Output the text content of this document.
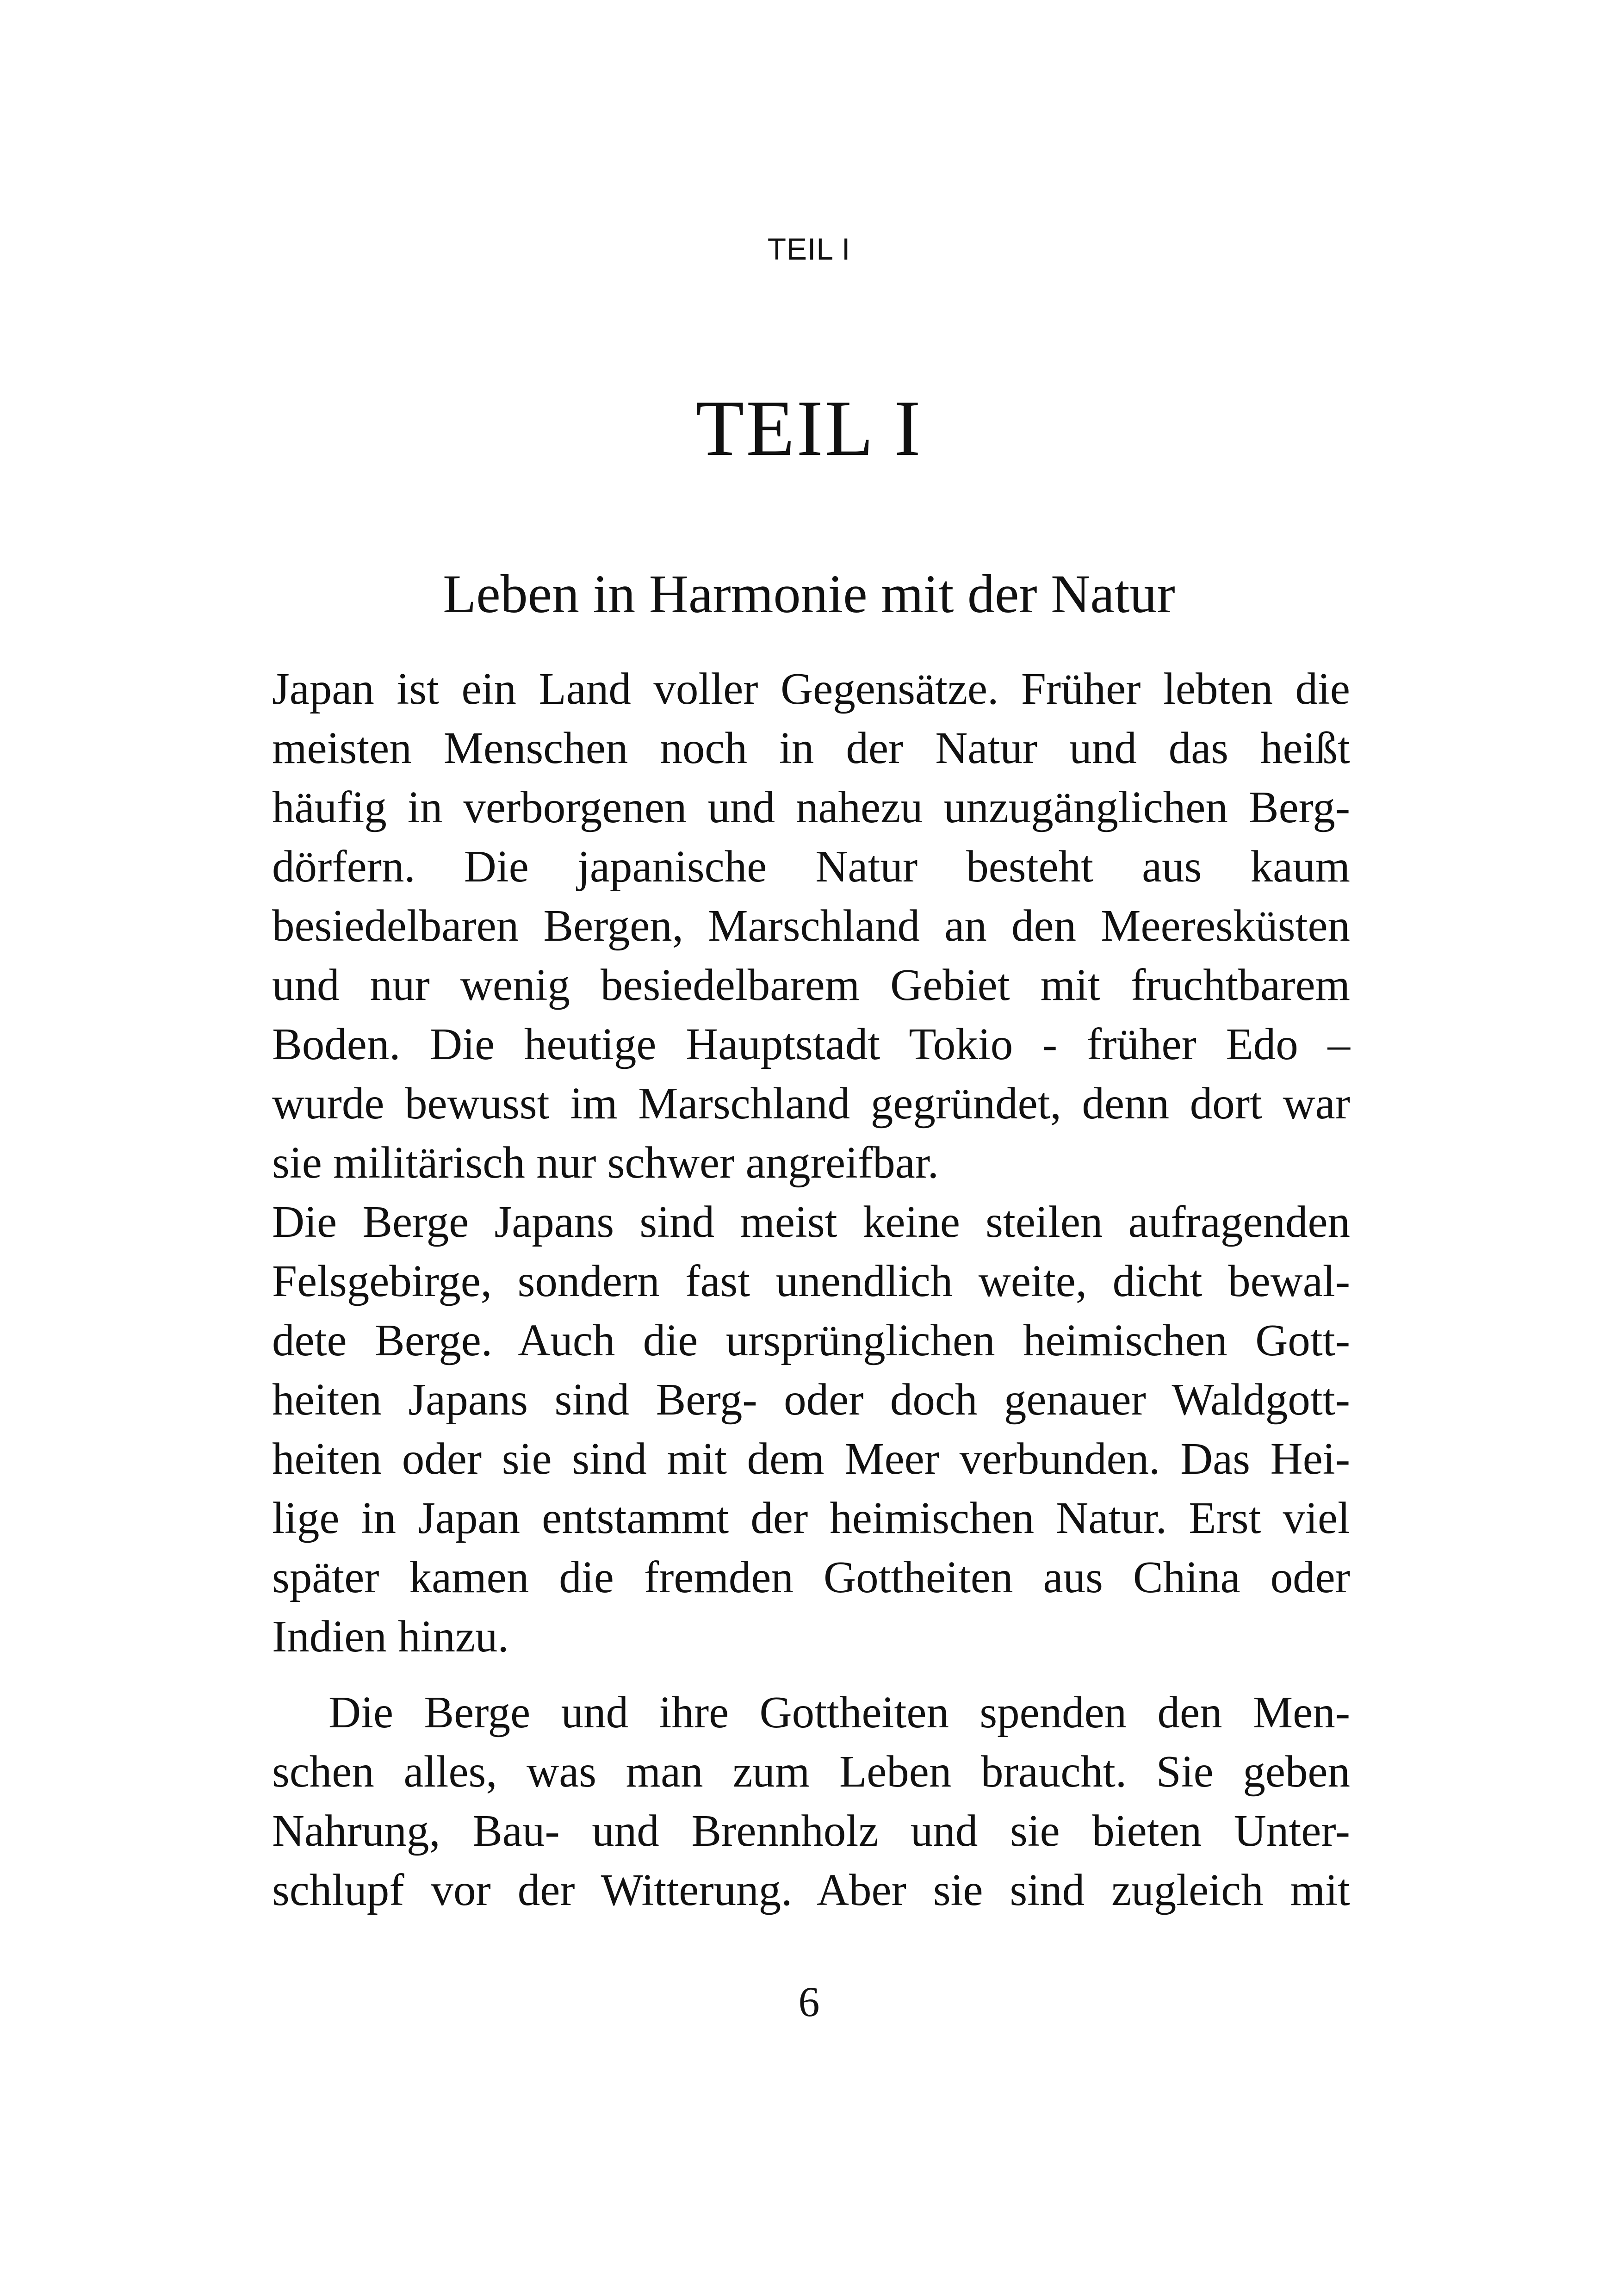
TEIL I
TEIL I
Leben in Harmonie mit der Natur
Japan ist ein Land voller Gegensätze. Früher lebten die
meisten Menschen noch in der Natur und das heißt
häufig in verborgenen und nahezu unzugänglichen Berg-
dörfern. Die japanische Natur besteht aus kaum
besiedelbaren Bergen, Marschland an den Meeresküsten
und nur wenig besiedelbarem Gebiet mit fruchtbarem
Boden. Die heutige Hauptstadt Tokio - früher Edo –
wurde bewusst im Marschland gegründet, denn dort war
sie militärisch nur schwer angreifbar.
Die Berge Japans sind meist keine steilen aufragenden
Felsgebirge, sondern fast unendlich weite, dicht bewal-
dete Berge. Auch die ursprünglichen heimischen Gott-
heiten Japans sind Berg- oder doch genauer Waldgott-
heiten oder sie sind mit dem Meer verbunden. Das Hei-
lige in Japan entstammt der heimischen Natur. Erst viel
später kamen die fremden Gottheiten aus China oder
Indien hinzu.
Die Berge und ihre Gottheiten spenden den Men-
schen alles, was man zum Leben braucht. Sie geben
Nahrung, Bau- und Brennholz und sie bieten Unter-
schlupf vor der Witterung. Aber sie sind zugleich mit
6
